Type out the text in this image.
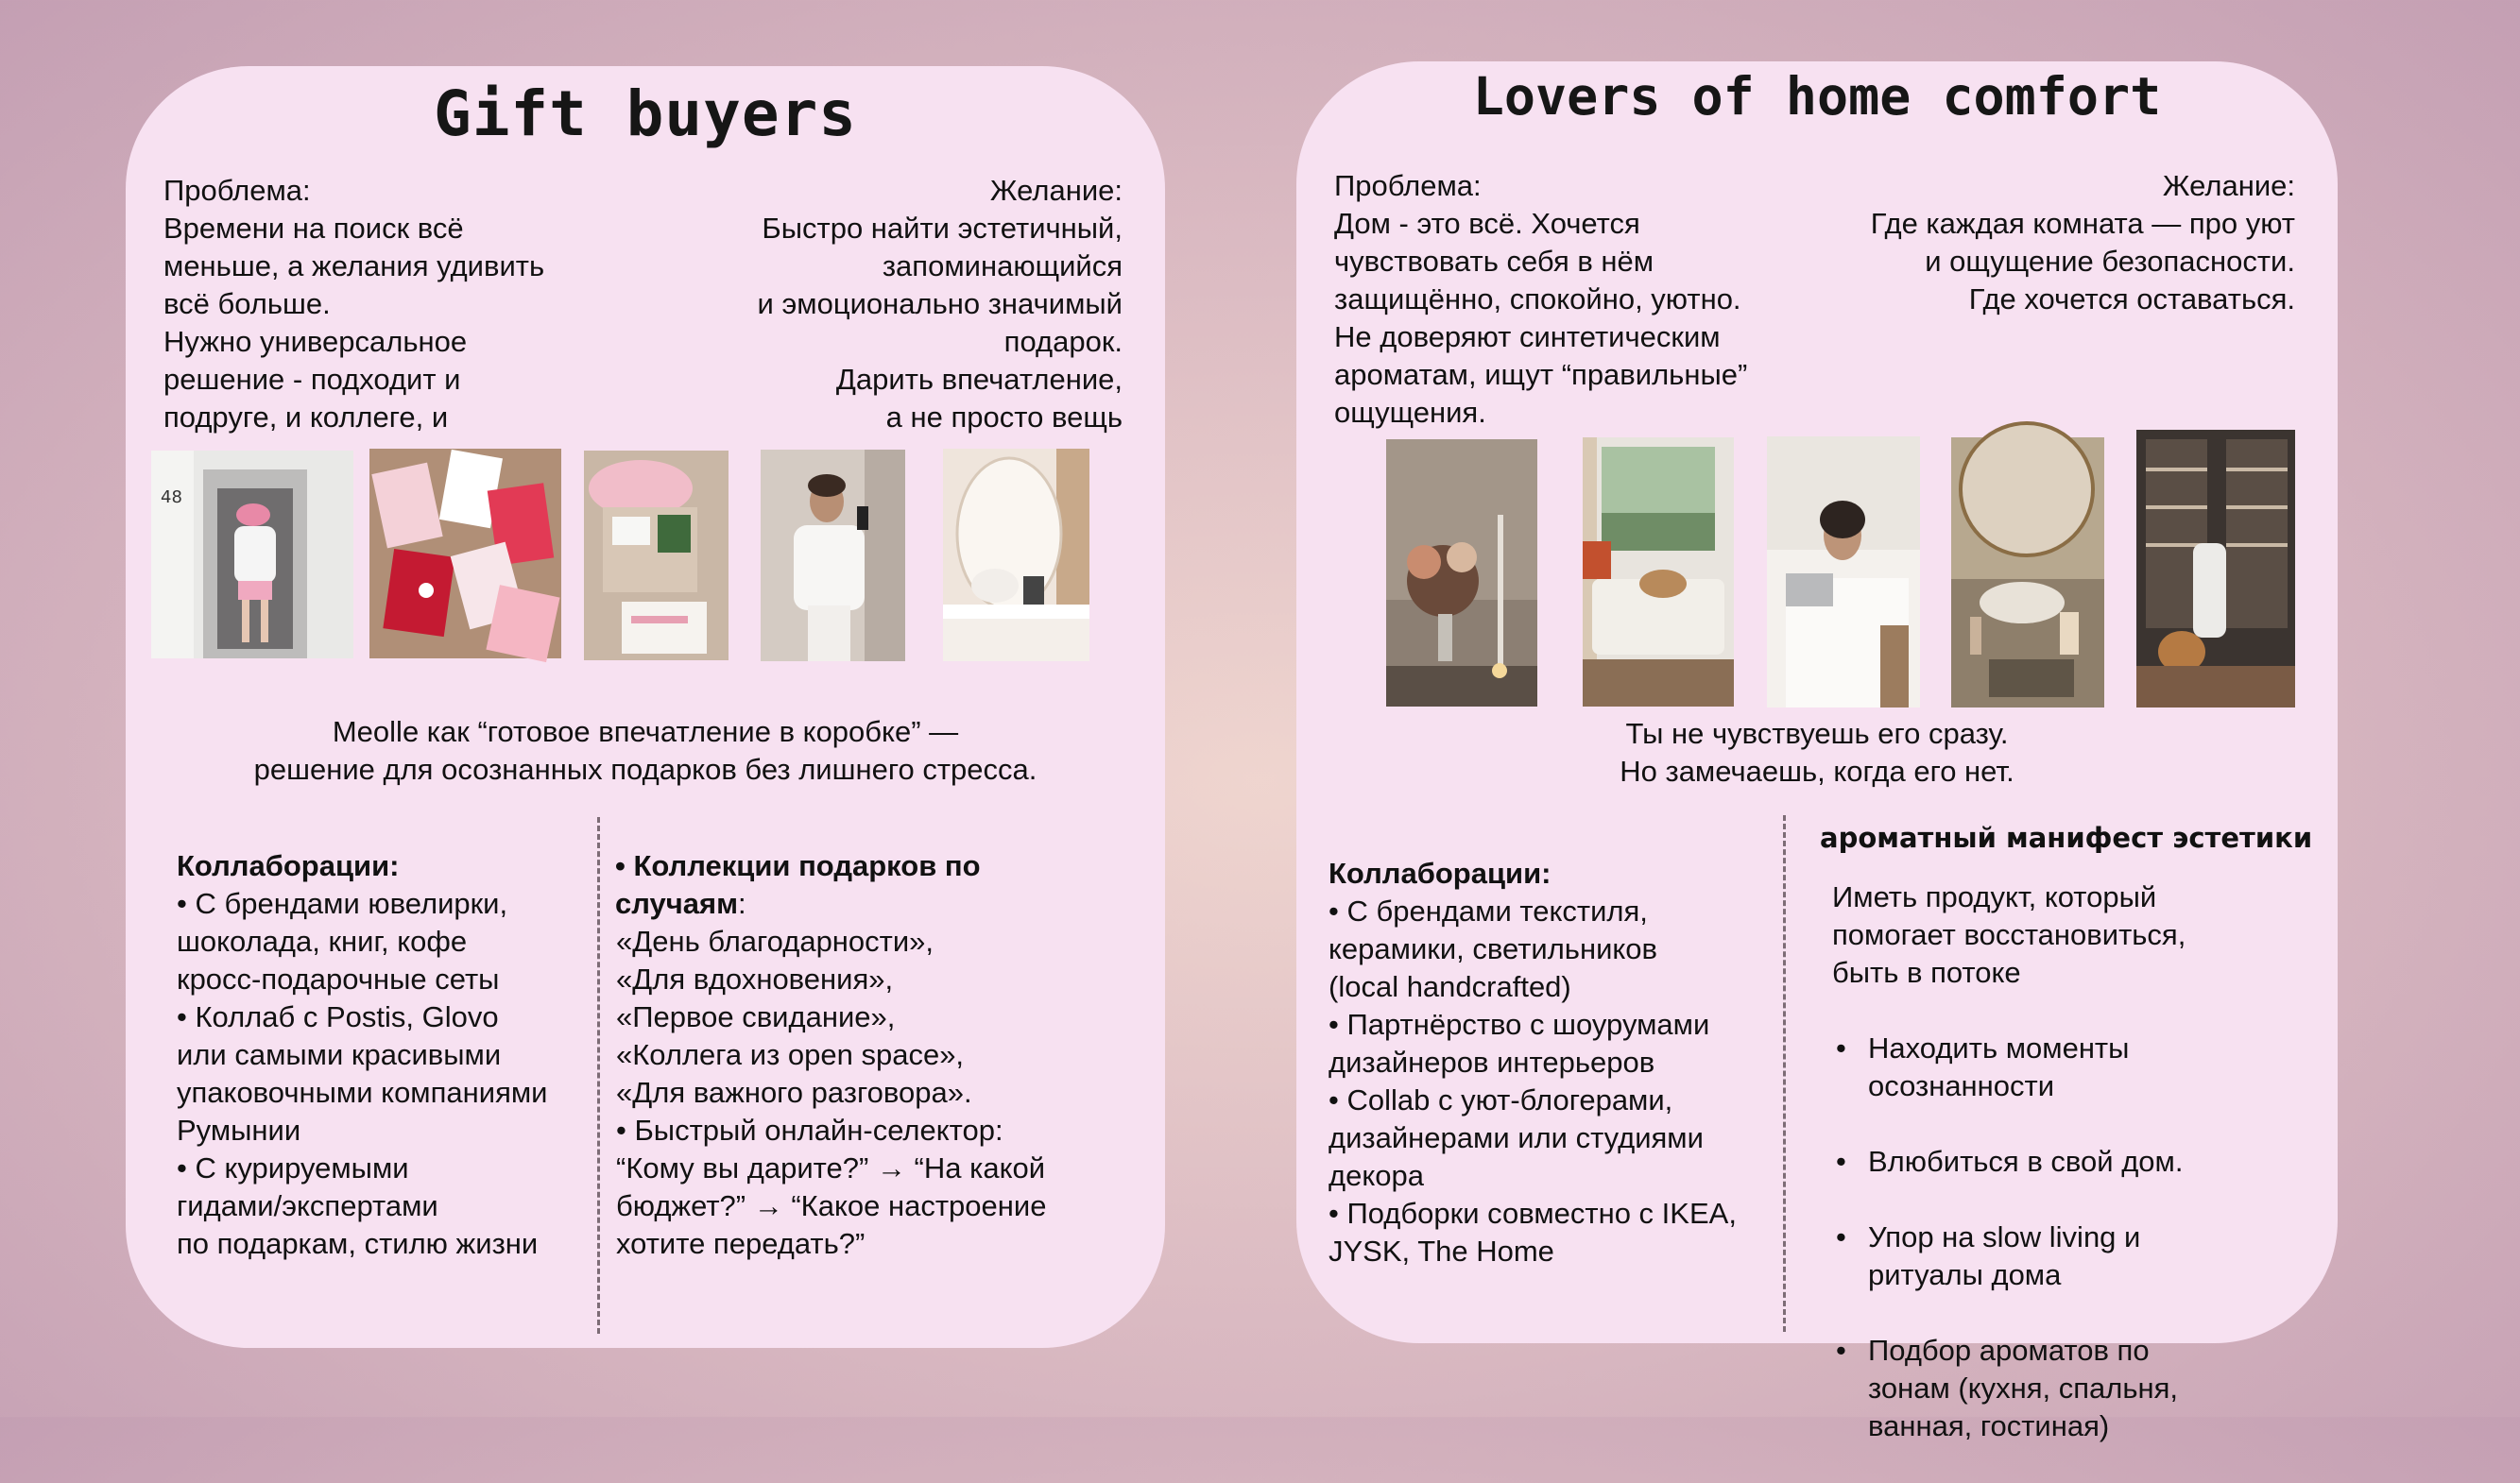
Gift buyers
Проблема:
Времени на поиск всё
меньше, а желания удивить
всё больше.
Нужно универсальное
решение - подходит и
подруге, и коллеге, и
Желание:
Быстро найти эстетичный,
запоминающийся
и эмоционально значимый
подарок.
Дарить впечатление,
а не просто вещь
48
Meolle как “готовое впечатление в коробке” —
решение для осознанных подарков без лишнего стресса.
Коллаборации:
• С брендами ювелирки,
шоколада, книг, кофе
кросс-подарочные сеты
• Коллаб с Postis, Glovo
или самыми красивыми
упаковочными компаниями
Румынии
• С курируемыми
гидами/экспертами
по подаркам, стилю жизни
• Коллекции подарков по случаям:
«День благодарности»,
«Для вдохновения»,
«Первое свидание»,
«Коллега из open space»,
«Для важного разговора».
• Быстрый онлайн-селектор:
“Кому вы дарите?” → “На какой
бюджет?” → “Какое настроение
хотите передать?”
Lovers of home comfort
Проблема:
Дом - это всё. Хочется
чувствовать себя в нём
защищённо, спокойно, уютно.
Не доверяют синтетическим
ароматам, ищут “правильные”
ощущения.
Желание:
Где каждая комната — про уют
и ощущение безопасности.
Где хочется оставаться.
Ты не чувствуешь его сразу.
Но замечаешь, когда его нет.
Коллаборации:
• С брендами текстиля,
керамики, светильников
(local handcrafted)
• Партнёрство с шоурумами
дизайнеров интерьеров
• Collab с уют-блогерами,
дизайнерами или студиями
декора
• Подборки совместно с IKEA,
JYSK, The Home
ароматный манифест эстетики
Иметь продукт, который
помогает восстановиться,
быть в потоке

• Находить моменты
осознанности

• Влюбиться в свой дом.

• Упор на slow living и
ритуалы дома

• Подбор ароматов по
зонам (кухня, спальня,
ванная, гостиная)
